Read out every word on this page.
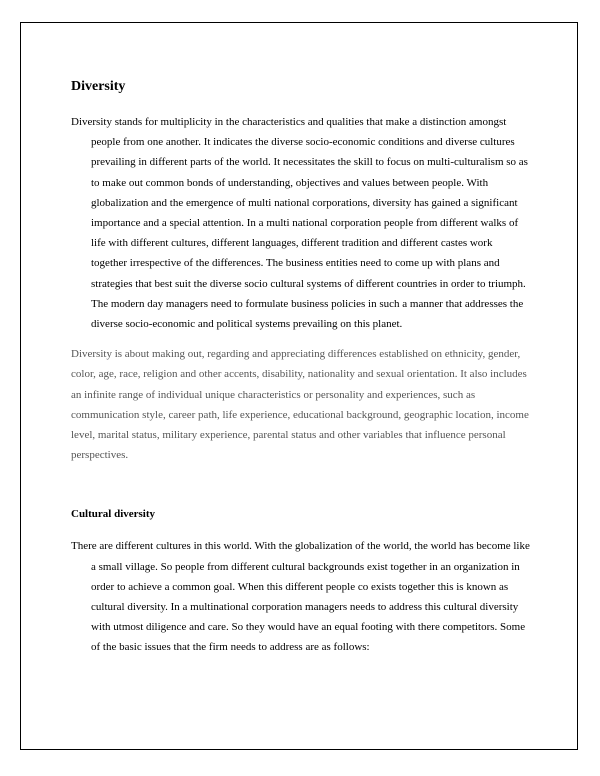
Diversity

Diversity stands for multiplicity in the characteristics and qualities that make a distinction amongst people from one another. It indicates the diverse socio-economic conditions and diverse cultures prevailing in different parts of the world. It necessitates the skill to focus on multi-culturalism so as to make out common bonds of understanding, objectives and values between people. With globalization and the emergence of multi national corporations, diversity has gained a significant importance and a special attention. In a multi national corporation people from different walks of life with different cultures, different languages, different tradition and different castes work together irrespective of the differences. The business entities need to come up with plans and strategies that best suit the diverse socio cultural systems of different countries in order to triumph. The modern day managers need to formulate business policies in such a manner that addresses the diverse socio-economic and political systems prevailing on this planet.

Diversity is about making out, regarding and appreciating differences established on ethnicity, gender, color, age, race, religion and other accents, disability, nationality and sexual orientation. It also includes an infinite range of individual unique characteristics or personality and experiences, such as communication style, career path, life experience, educational background, geographic location, income level, marital status, military experience, parental status and other variables that influence personal perspectives.

Cultural diversity

There are different cultures in this world. With the globalization of the world, the world has become like a small village. So people from different cultural backgrounds exist together in an organization in order to achieve a common goal. When this different people co exists together this is known as cultural diversity. In a multinational corporation managers needs to address this cultural diversity with utmost diligence and care. So they would have an equal footing with there competitors. Some of the basic issues that the firm needs to address are as follows:
